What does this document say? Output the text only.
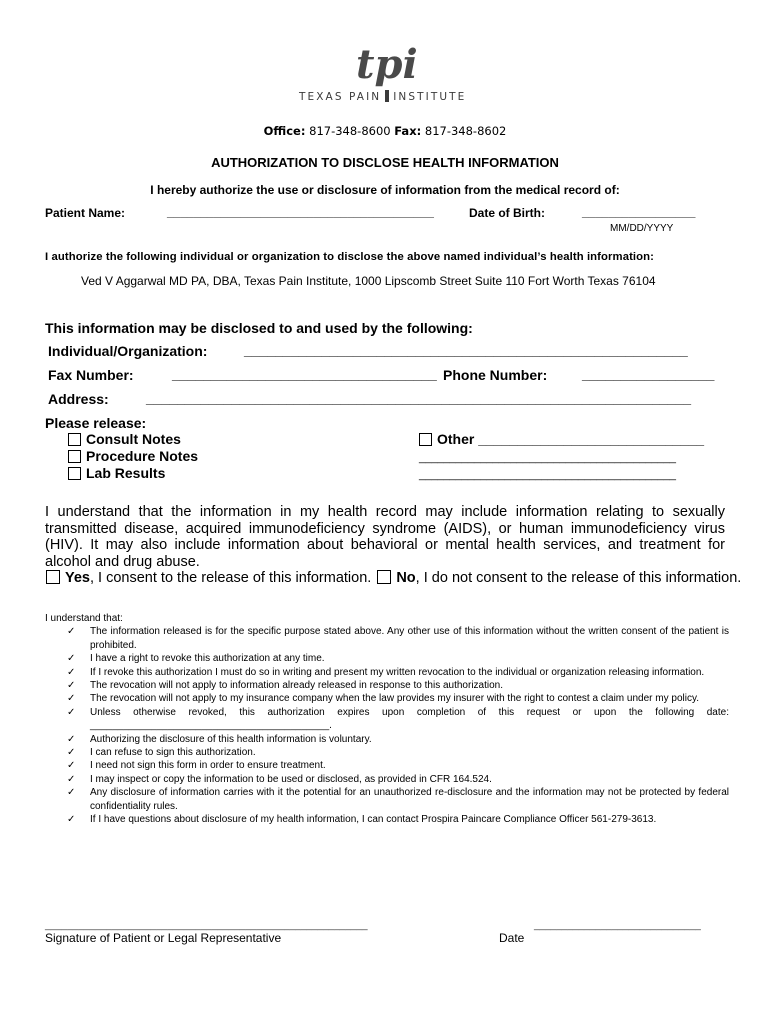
tpi
TEXAS PAIN INSTITUTE
Office: 817-348-8600 Fax: 817-348-8602
AUTHORIZATION TO DISCLOSE HEALTH INFORMATION
I hereby authorize the use or disclosure of information from the medical record of:
Patient Name:	________________________________________	Date of Birth:	_________________
MM/DD/YYYY
I authorize the following individual or organization to disclose the above named individual’s health information:
Ved V Aggarwal MD PA, DBA, Texas Pain Institute, 1000 Lipscomb Street Suite 110 Fort Worth Texas 76104
This information may be disclosed to and used by the following:
Individual/Organization:	_________________________________________________________
Fax Number:	__________________________________ Phone Number: _________________
Address:	______________________________________________________________________
Please release:
Consult Notes
Procedure Notes
Lab Results
Other _____________________________
__________________________________________
__________________________________________
I understand that the information in my health record may include information relating to sexually transmitted disease, acquired immunodeficiency syndrome (AIDS), or human immunodeficiency virus (HIV). It may also include information about behavioral or mental health services, and treatment for alcohol and drug abuse.
Yes, I consent to the release of this information. No, I do not consent to the release of this information.
I understand that:
✓ The information released is for the specific purpose stated above. Any other use of this information without the written consent of the patient is prohibited.
✓ I have a right to revoke this authorization at any time.
✓ If I revoke this authorization I must do so in writing and present my written revocation to the individual or organization releasing information.
✓ The revocation will not apply to information already released in response to this authorization.
✓ The revocation will not apply to my insurance company when the law provides my insurer with the right to contest a claim under my policy.
✓ Unless otherwise revoked, this authorization expires upon completion of this request or upon the following date: ___________________________________________.
✓ Authorizing the disclosure of this health information is voluntary.
✓ I can refuse to sign this authorization.
✓ I need not sign this form in order to ensure treatment.
✓ I may inspect or copy the information to be used or disclosed, as provided in CFR 164.524.
✓ Any disclosure of information carries with it the potential for an unauthorized re-disclosure and the information may not be protected by federal confidentiality rules.
✓ If I have questions about disclosure of my health information, I can contact Prospira Paincare Compliance Officer 561-279-3613.
__________________________________________________________
Signature of Patient or Legal Representative
______________________________
Date
